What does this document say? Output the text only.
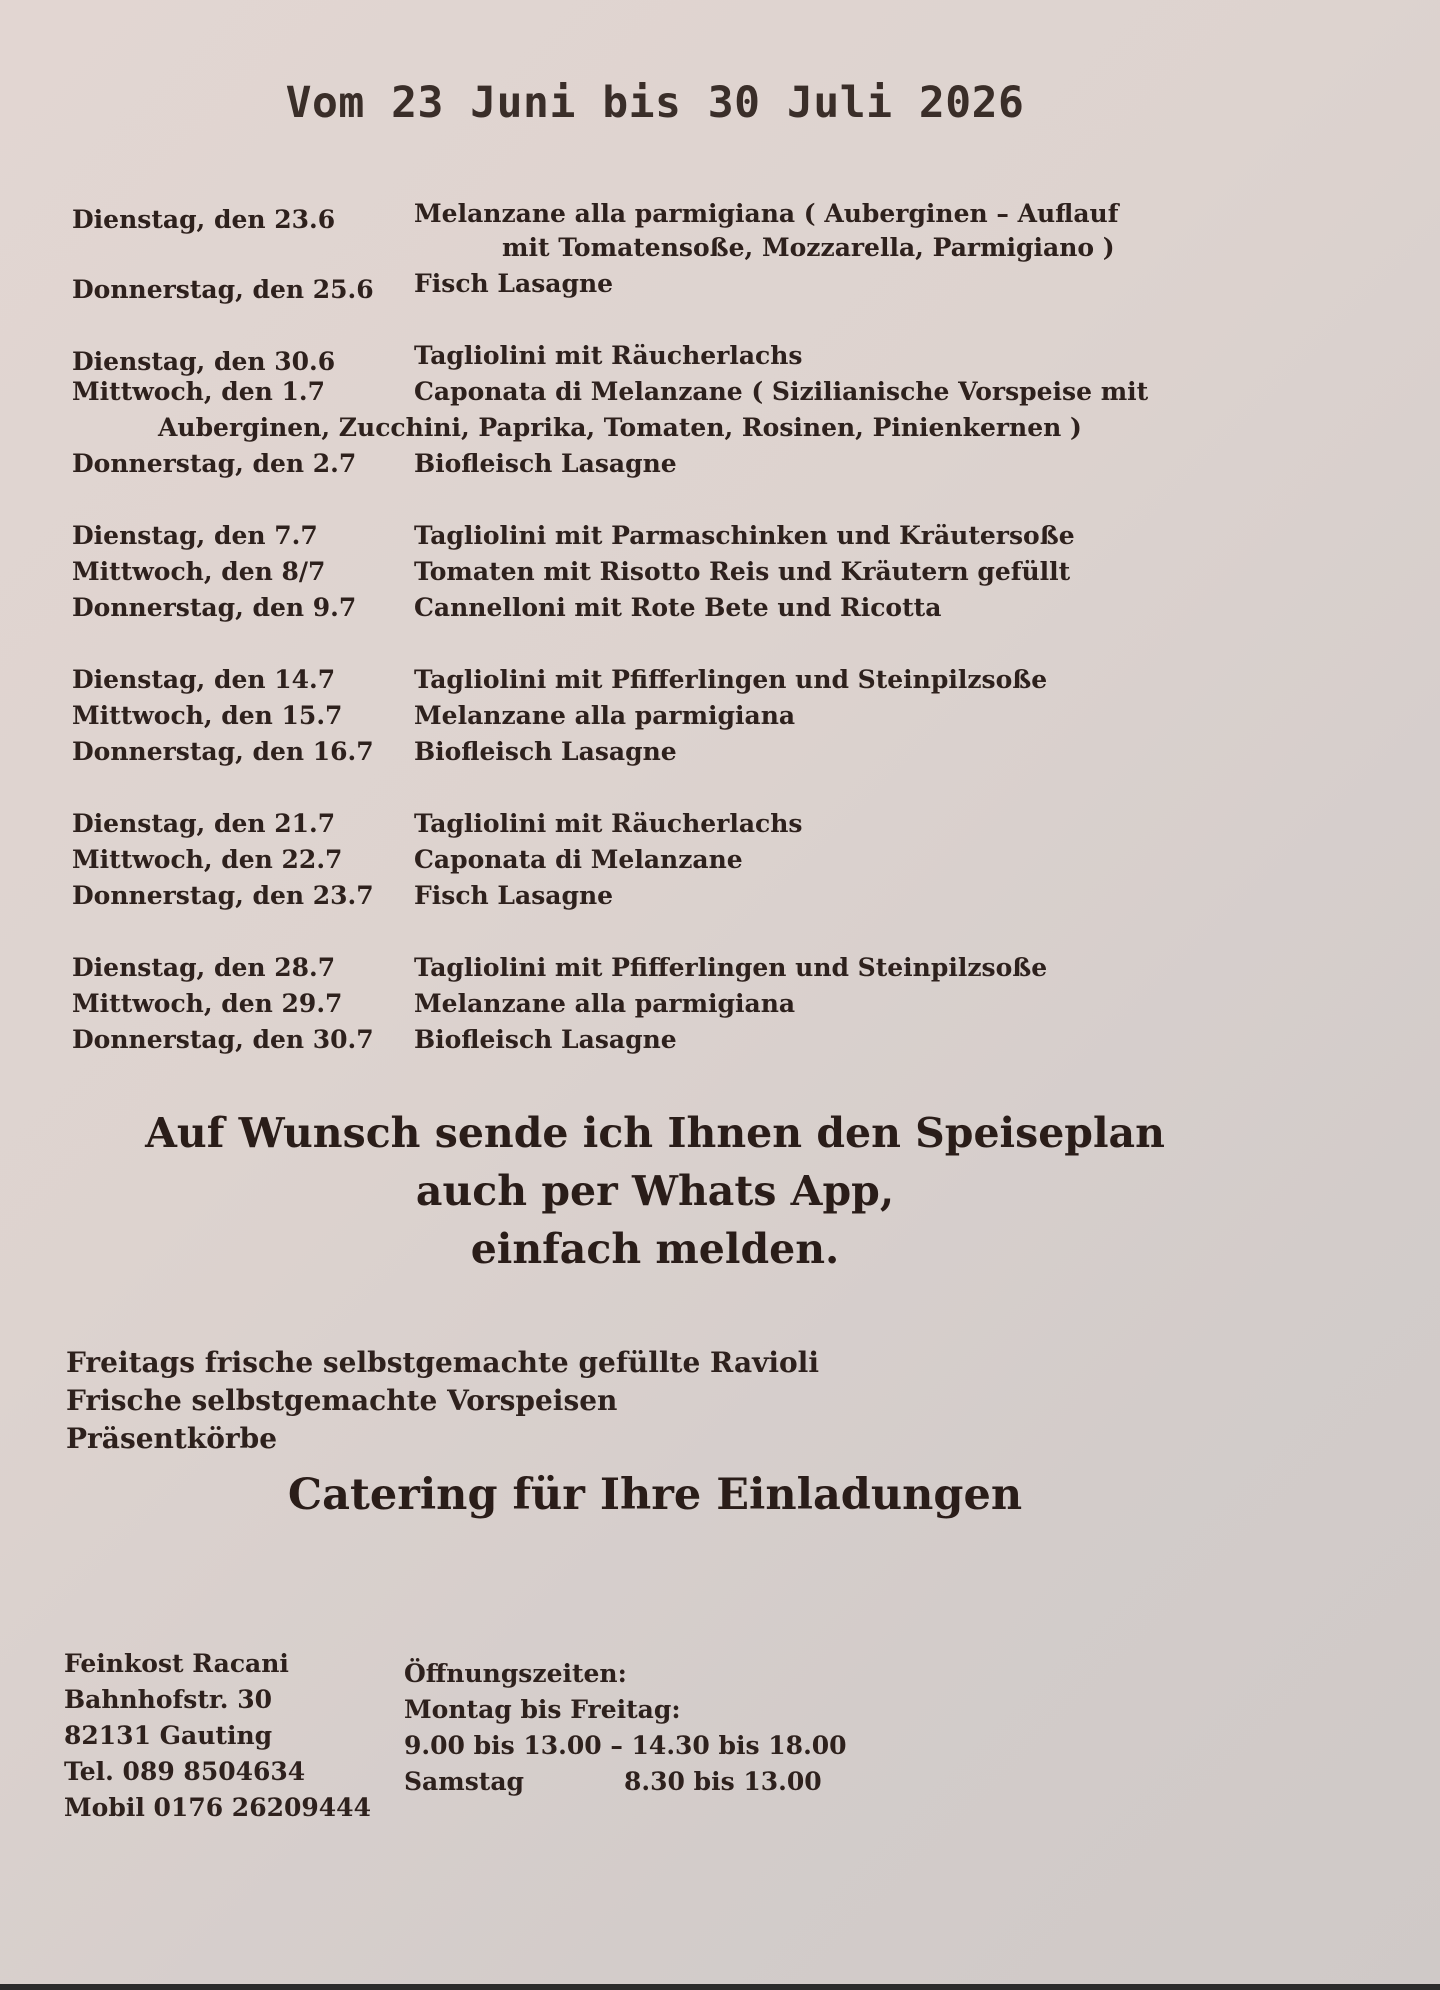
Vom 23 Juni bis 30 Juli 2026
Dienstag, den 23.6	Melanzane alla parmigiana ( Auberginen – Auflauf
mit Tomatensoße, Mozzarella, Parmigiano )
Donnerstag, den 25.6	Fisch Lasagne
Dienstag, den 30.6	Tagliolini mit Räucherlachs
Mittwoch, den 1.7	Caponata di Melanzane ( Sizilianische Vorspeise mit
Auberginen, Zucchini, Paprika, Tomaten, Rosinen, Pinienkernen )
Donnerstag, den 2.7	Biofleisch Lasagne
Dienstag, den 7.7	Tagliolini mit Parmaschinken und Kräutersoße
Mittwoch, den 8/7	Tomaten mit Risotto Reis und Kräutern gefüllt
Donnerstag, den 9.7	Cannelloni mit Rote Bete und Ricotta
Dienstag, den 14.7	Tagliolini mit Pfifferlingen und Steinpilzsoße
Mittwoch, den 15.7	Melanzane alla parmigiana
Donnerstag, den 16.7	Biofleisch Lasagne
Dienstag, den 21.7	Tagliolini mit Räucherlachs
Mittwoch, den 22.7	Caponata di Melanzane
Donnerstag, den 23.7	Fisch Lasagne
Dienstag, den 28.7	Tagliolini mit Pfifferlingen und Steinpilzsoße
Mittwoch, den 29.7	Melanzane alla parmigiana
Donnerstag, den 30.7	Biofleisch Lasagne
Auf Wunsch sende ich Ihnen den Speiseplan
auch per Whats App,
einfach melden.
Freitags frische selbstgemachte gefüllte Ravioli
Frische selbstgemachte Vorspeisen
Präsentkörbe
Catering für Ihre Einladungen
Feinkost Racani
Bahnhofstr. 30
82131 Gauting
Tel. 089 8504634
Mobil 0176 26209444
Öffnungszeiten:
Montag bis Freitag:
9.00 bis 13.00 – 14.30 bis 18.00
Samstag	8.30 bis 13.00
